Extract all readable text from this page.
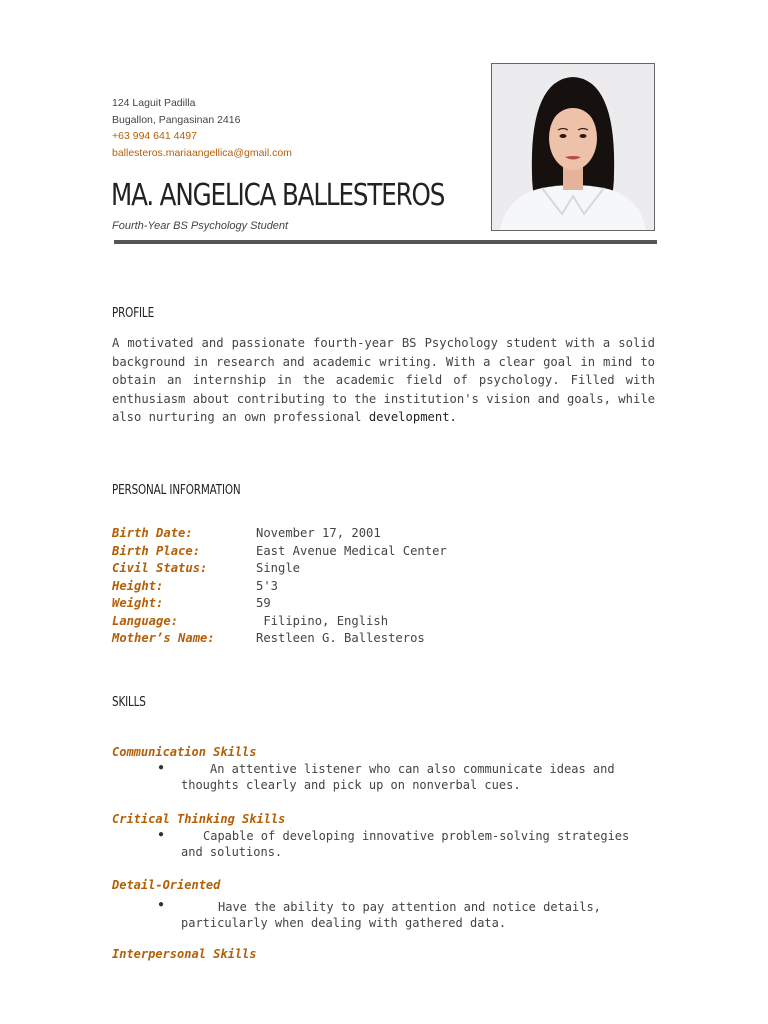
124 Laguit Padilla
Bugallon, Pangasinan 2416
+63 994 641 4497
ballesteros.mariaangellica@gmail.com
MA. ANGELICA BALLESTEROS
Fourth-Year BS Psychology Student
PROFILE

A motivated and passionate fourth-year BS Psychology student with a solid background in research and academic writing. With a clear goal in mind to obtain an internship in the academic field of psychology. Filled with enthusiasm about contributing to the institution's vision and goals, while also nurturing an own professional development.

PERSONAL INFORMATION
Birth Date:	November 17, 2001
Birth Place:	East Avenue Medical Center
Civil Status:	Single
Height:	5'3
Weight:	59
Language:	Filipino, English
Mother’s Name:	Restleen G. Ballesteros
SKILLS
Communication Skills
●	An attentive listener who can also communicate ideas and
thoughts clearly and pick up on nonverbal cues.
Critical Thinking Skills
●	Capable of developing innovative problem-solving strategies
and solutions.
Detail-Oriented
●	Have the ability to pay attention and notice details,
particularly when dealing with gathered data.
Interpersonal Skills
